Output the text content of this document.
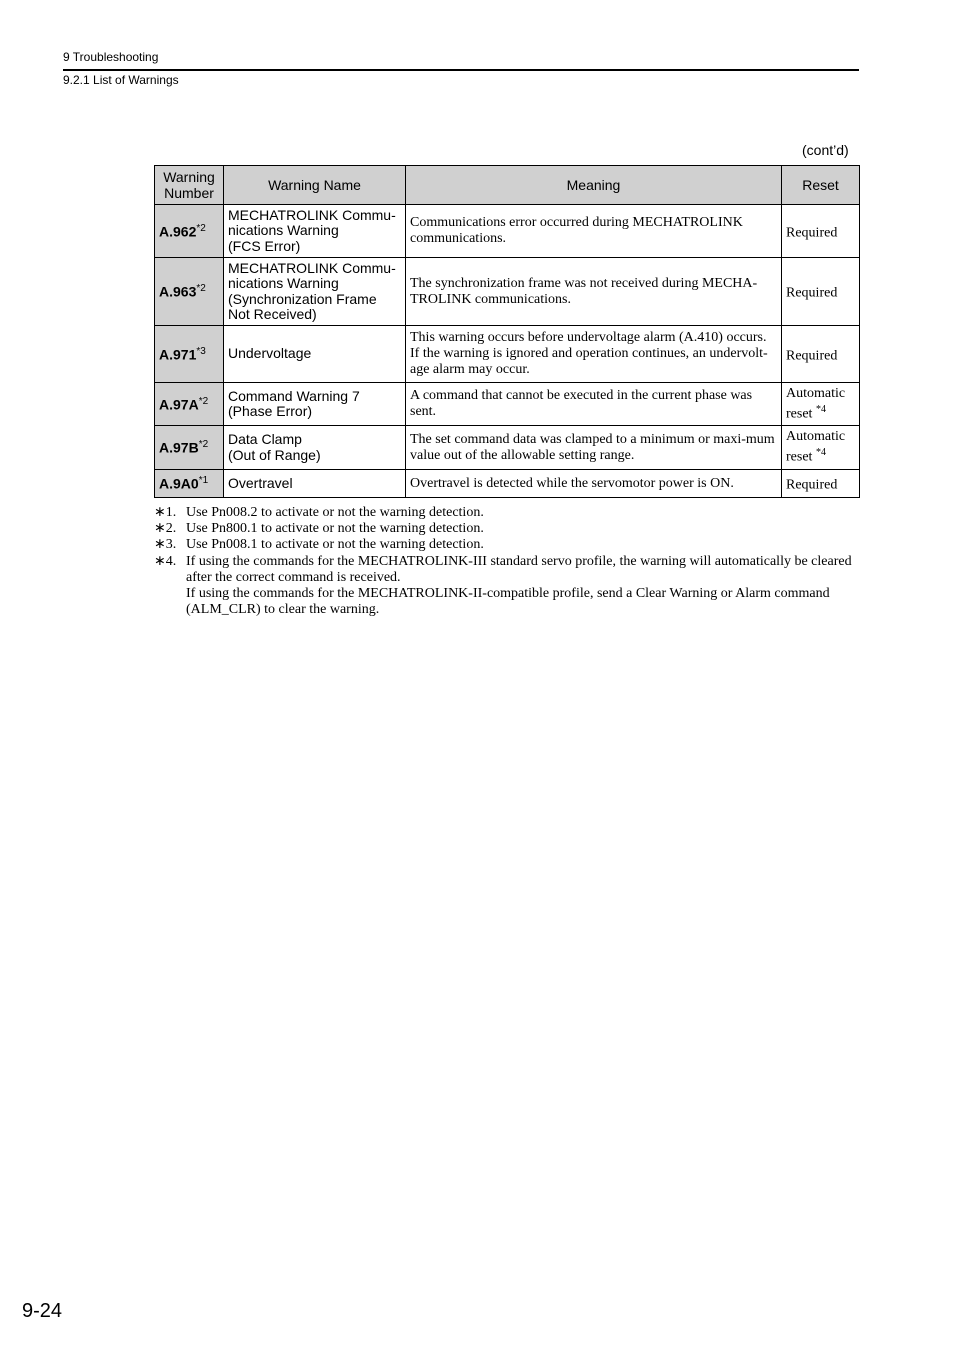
9 Troubleshooting
9.2.1 List of Warnings
(cont’d)
Warning Number	Warning Name	Meaning	Reset
A.962$^{*2}$	MECHATROLINK Commu-
nications Warning
(FCS Error)	Communications error occurred during MECHATROLINK communications.	Required
A.963$^{*2}$	MECHATROLINK Commu-
nications Warning
(Synchronization Frame
Not Received)	The synchronization frame was not received during MECHA-TROLINK communications.	Required
A.971$^{*3}$	Undervoltage	This warning occurs before undervoltage alarm (A.410) occurs. If the warning is ignored and operation continues, an undervolt-age alarm may occur.	Required
$A.97A^{*2}$	Command Warning 7
(Phase Error)	A command that cannot be executed in the current phase was sent.	Automatic reset $^{*4}$
$A.97B^{*2}$	Data Clamp
(Out of Range)	The set command data was clamped to a minimum or maxi-mum value out of the allowable setting range.	Automatic reset $^{*4}$
A.9A0$^{*1}$	Overtravel	Overtravel is detected while the servomotor power is ON.	Required
∗1. Use Pn008.2 to activate or not the warning detection.
∗2. Use Pn800.1 to activate or not the warning detection.
∗3. Use Pn008.1 to activate or not the warning detection.
∗4. If using the commands for the MECHATROLINK-III standard servo profile, the warning will automatically be cleared after the correct command is received.
If using the commands for the MECHATROLINK-II-compatible profile, send a Clear Warning or Alarm command (ALM_CLR) to clear the warning.
9-24
